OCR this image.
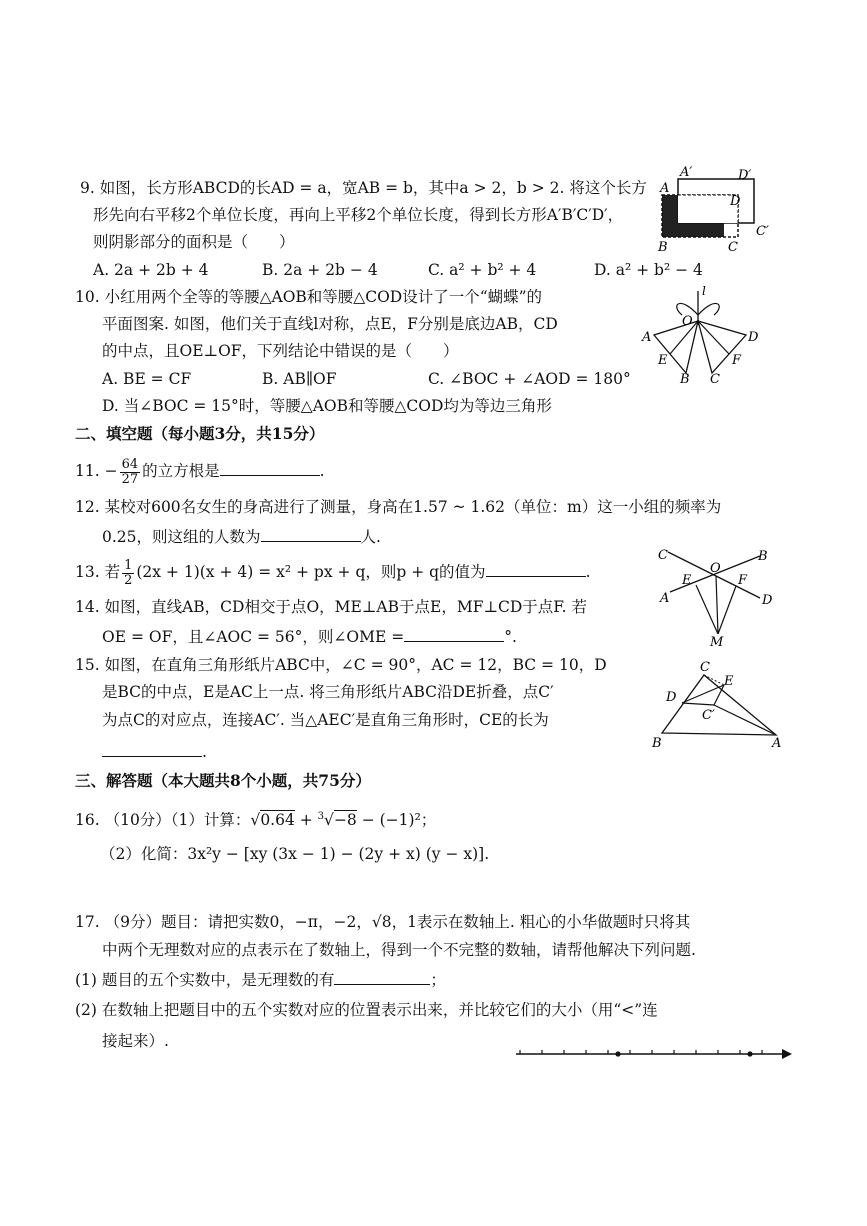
9. 如图，长方形ABCD的长AD = a，宽AB = b，其中a > 2，b > 2. 将这个长方
形先向右平移2个单位长度，再向上平移2个单位长度，得到长方形A′B′C′D′，
则阴影部分的面积是（　　）
A. 2a + 2b + 4	B. 2a + 2b − 4	C. a² + b² + 4	D. a² + b² − 4
A′	D′
A
D
C′
B	C
10. 小红用两个全等的等腰△AOB和等腰△COD设计了一个“蝴蝶”的
平面图案. 如图，他们关于直线l对称，点E，F分别是底边AB，CD
的中点，且OE⊥OF，下列结论中错误的是（　　）
A. BE = CF	B. AB∥OF	C. ∠BOC + ∠AOD = 180°
D. 当∠BOC = 15°时，等腰△AOB和等腰△COD均为等边三角形
l
O
A	D
E	F
B C
二、填空题（每小题3分，共15分）
11. − $\frac{64}{27}$ 的立方根是	.
12. 某校对600名女生的身高进行了测量，身高在1.57 ~ 1.62（单位：m）这一小组的频率为
0.25，则这组的人数为	人.
13. 若 $\frac{1}{2} (2x + 1)(x + 4) = x^2$ + px + q，则p + q的值为	.
14. 如图，直线AB，CD相交于点O，ME⊥AB于点E，MF⊥CD于点F. 若
OE = OF，且∠AOC = 56°，则∠OME =	°.
C	B
E
O
F
A	D
M
15. 如图，在直角三角形纸片ABC中，∠C = 90°，AC = 12，BC = 10，D
是BC的中点，E是AC上一点. 将三角形纸片ABC沿DE折叠，点C′
为点C的对应点，连接AC′. 当△AEC′是直角三角形时，CE的长为
.
C
E
D
C′
B	A
三、解答题（本大题共8个小题，共75分）
16. （10分）（1）计算：√0.64 + $^3$√−8 − (−1)²；
（2）化简：3x²y − [xy (3x − 1) − (2y + x) (y − x)].
17. （9分）题目：请把实数0，−π，−2，√8，1表示在数轴上. 粗心的小华做题时只将其
中两个无理数对应的点表示在了数轴上，得到一个不完整的数轴，请帮他解决下列问题.
(1) 题目的五个实数中，是无理数的有	；
(2) 在数轴上把题目中的五个实数对应的位置表示出来，并比较它们的大小（用“<”连
接起来）.
